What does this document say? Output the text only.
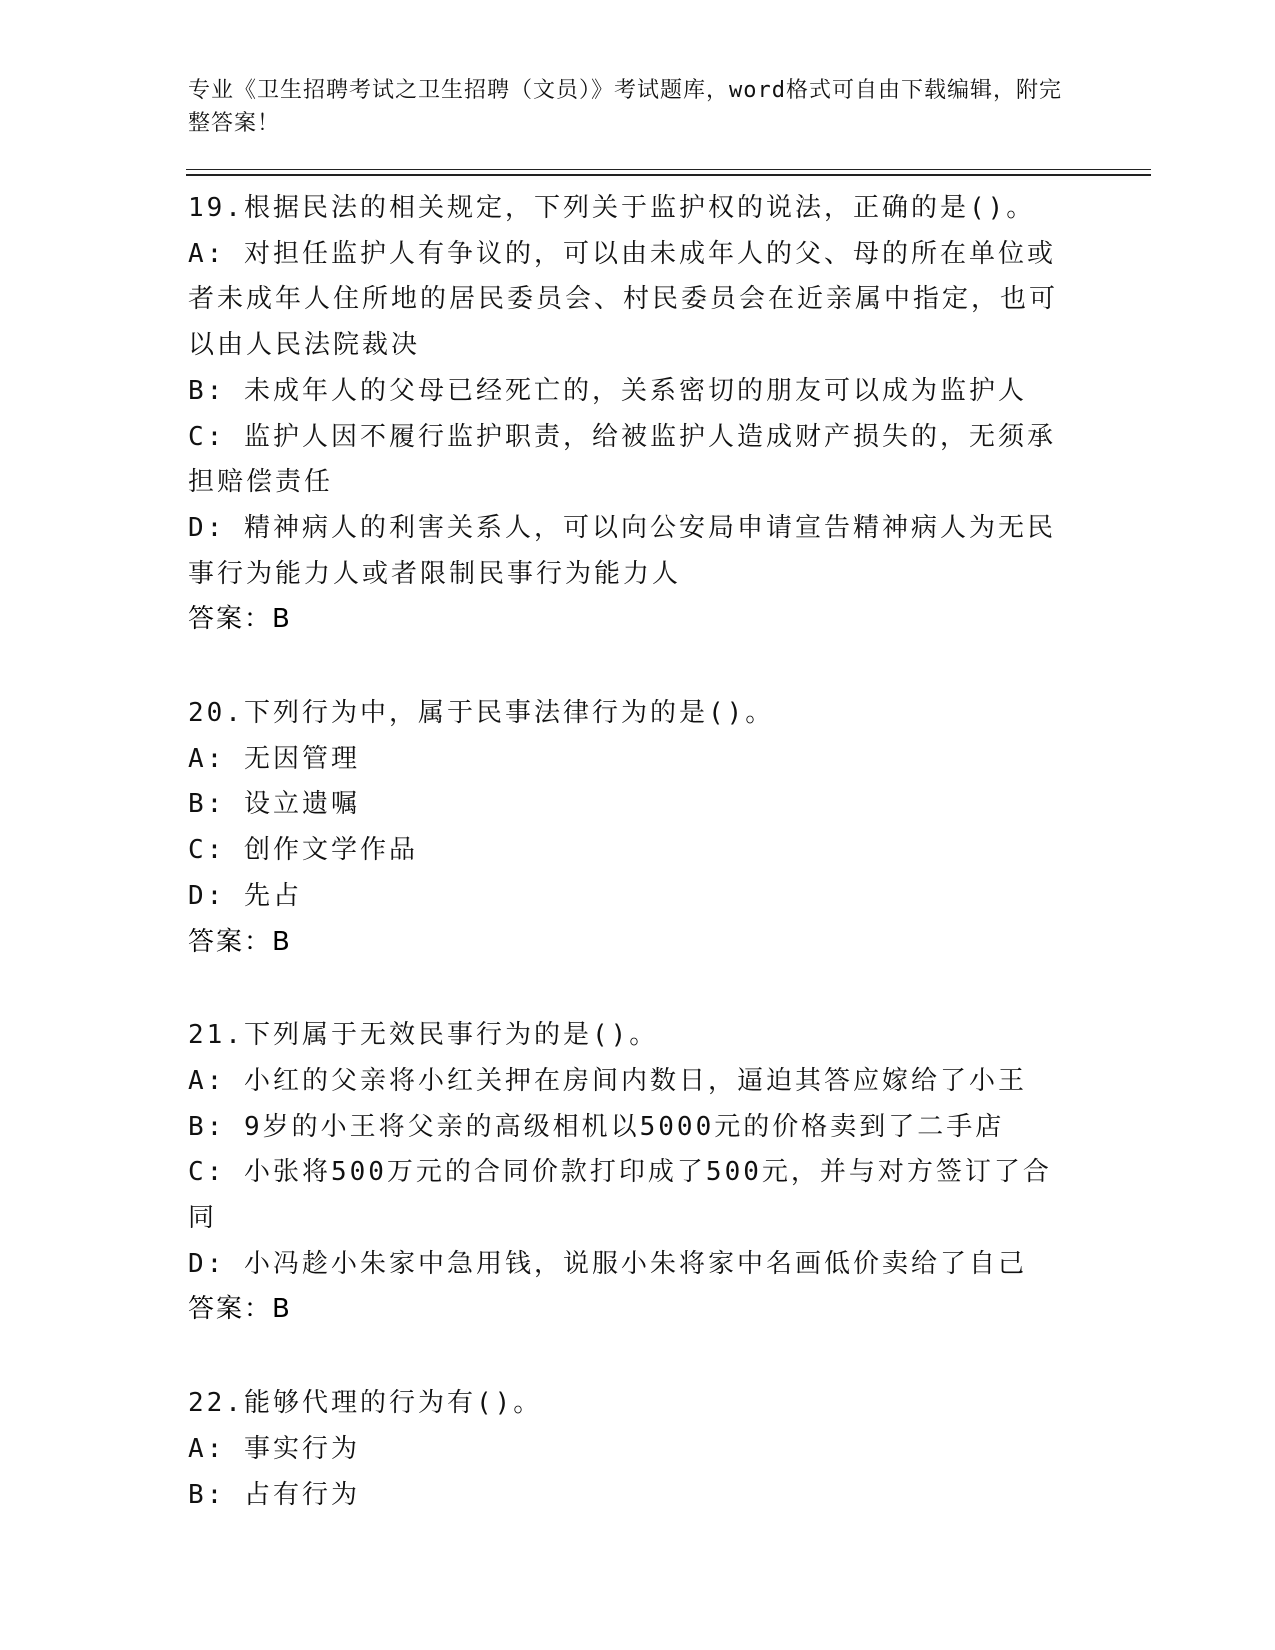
专业《卫生招聘考试之卫生招聘（文员）》考试题库，word格式可自由下载编辑，附完整答案！
19.根据民法的相关规定，下列关于监护权的说法，正确的是()。
A: 对担任监护人有争议的，可以由未成年人的父、母的所在单位或者未成年人住所地的居民委员会、村民委员会在近亲属中指定，也可以由人民法院裁决
B: 未成年人的父母已经死亡的，关系密切的朋友可以成为监护人
C: 监护人因不履行监护职责，给被监护人造成财产损失的，无须承担赔偿责任
D: 精神病人的利害关系人，可以向公安局申请宣告精神病人为无民事行为能力人或者限制民事行为能力人
答案：B
20.下列行为中，属于民事法律行为的是()。
A: 无因管理
B: 设立遗嘱
C: 创作文学作品
D: 先占
答案：B
21.下列属于无效民事行为的是()。
A: 小红的父亲将小红关押在房间内数日，逼迫其答应嫁给了小王
B: 9岁的小王将父亲的高级相机以5000元的价格卖到了二手店
C: 小张将500万元的合同价款打印成了500元，并与对方签订了合同
D: 小冯趁小朱家中急用钱，说服小朱将家中名画低价卖给了自己
答案：B
22.能够代理的行为有()。
A: 事实行为
B: 占有行为
